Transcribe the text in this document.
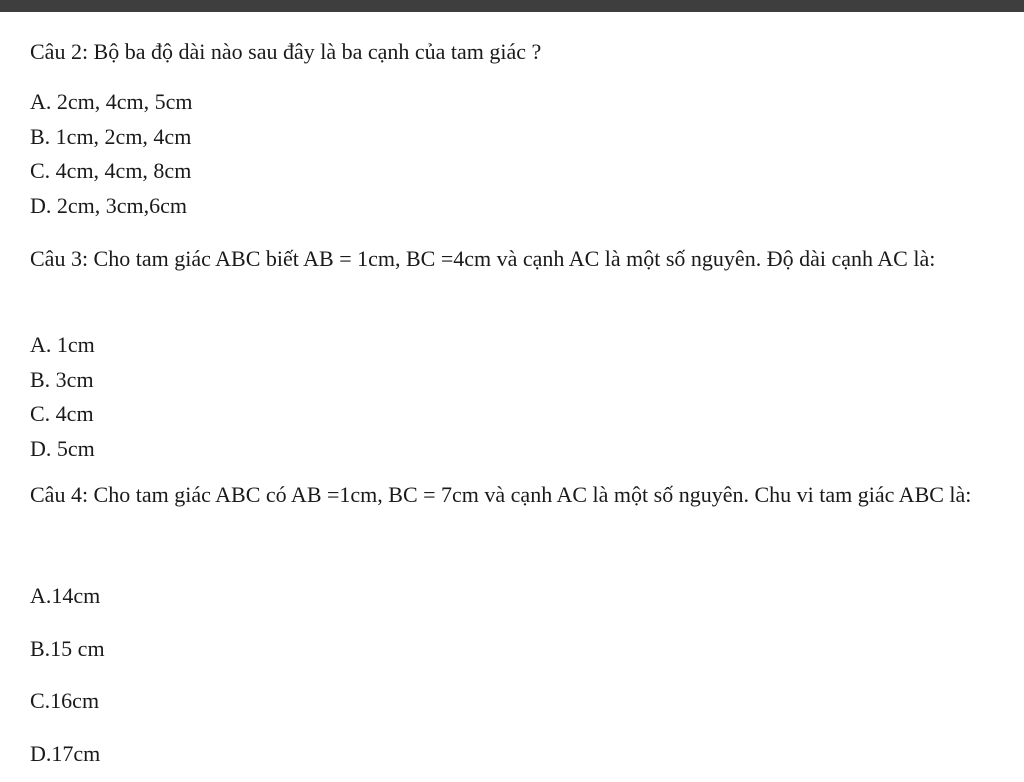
Câu 2: Bộ ba độ dài nào sau đây là ba cạnh của tam giác ?

A. 2cm, 4cm, 5cm
B. 1cm, 2cm, 4cm
C. 4cm, 4cm, 8cm
D. 2cm, 3cm,6cm

Câu 3: Cho tam giác ABC biết AB = 1cm, BC =4cm và cạnh AC là một số nguyên. Độ dài cạnh AC là:

A. 1cm
B. 3cm
C. 4cm
D. 5cm

Câu 4: Cho tam giác ABC có AB =1cm, BC = 7cm và cạnh AC là một số nguyên. Chu vi tam giác ABC là:

A.14cm
B.15 cm
C.16cm
D.17cm
